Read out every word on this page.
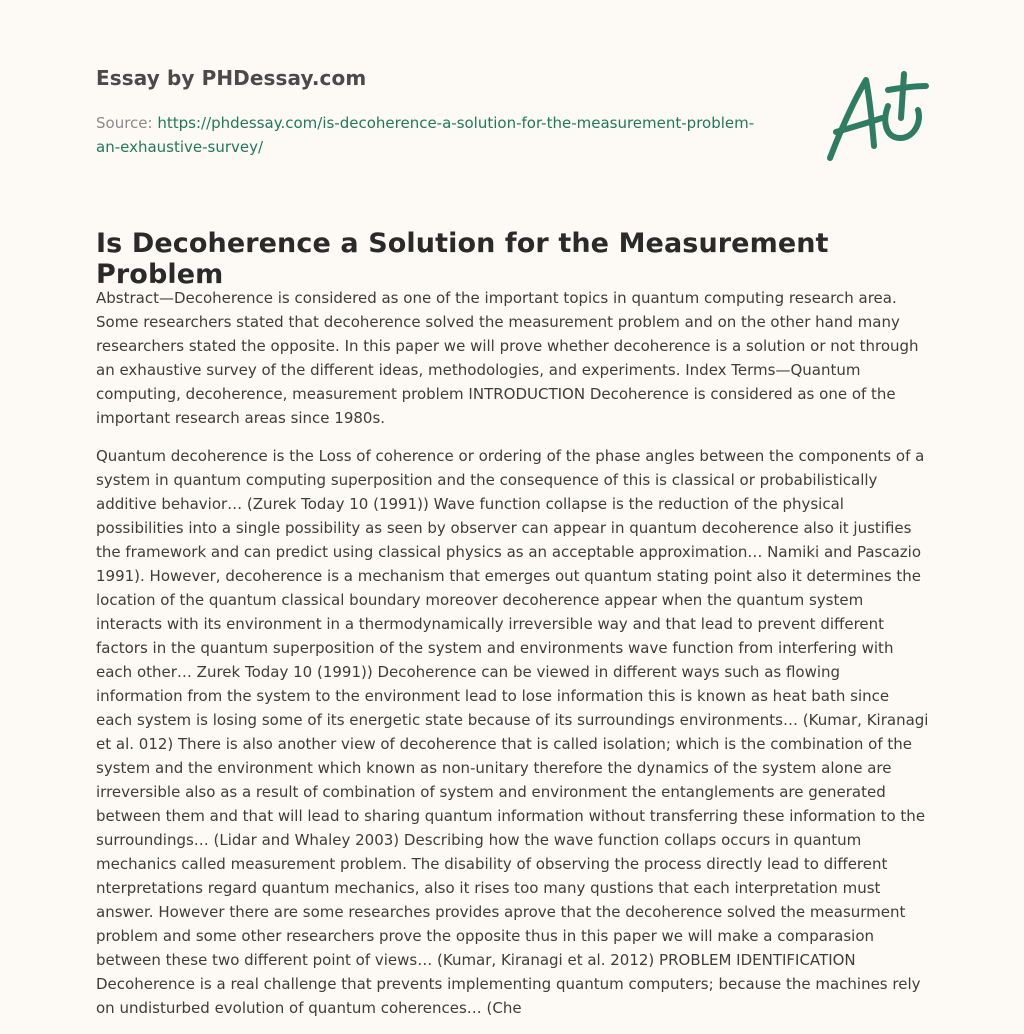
Essay by PHDessay.com
Source: https://phdessay.com/is-decoherence-a-solution-for-the-measurement-problem-an-exhaustive-survey/
Is Decoherence a Solution for the Measurement Problem

Abstract—Decoherence is considered as one of the important topics in quantum computing research area. Some researchers stated that decoherence solved the measurement problem and on the other hand many researchers stated the opposite. In this paper we will prove whether decoherence is a solution or not through an exhaustive survey of the different ideas, methodologies, and experiments. Index Terms—Quantum computing, decoherence, measurement problem INTRODUCTION Decoherence is considered as one of the important research areas since 1980s.

Quantum decoherence is the Loss of coherence or ordering of the phase angles between the components of a system in quantum computing superposition and the consequence of this is classical or probabilistically additive behavior… (Zurek Today 10 (1991)) Wave function collapse is the reduction of the physical possibilities into a single possibility as seen by observer can appear in quantum decoherence also it justifies the framework and can predict using classical physics as an acceptable approximation… Namiki and Pascazio 1991). However, decoherence is a mechanism that emerges out quantum stating point also it determines the location of the quantum classical boundary moreover decoherence appear when the quantum system interacts with its environment in a thermodynamically irreversible way and that lead to prevent different factors in the quantum superposition of the system and environments wave function from interfering with each other… Zurek Today 10 (1991)) Decoherence can be viewed in different ways such as flowing information from the system to the environment lead to lose information this is known as heat bath since each system is losing some of its energetic state because of its surroundings environments… (Kumar, Kiranagi et al. 012) There is also another view of decoherence that is called isolation; which is the combination of the system and the environment which known as non-unitary therefore the dynamics of the system alone are irreversible also as a result of combination of system and environment the entanglements are generated between them and that will lead to sharing quantum information without transferring these information to the surroundings… (Lidar and Whaley 2003) Describing how the wave function collaps occurs in quantum mechanics called measurement problem. The disability of observing the process directly lead to different nterpretations regard quantum mechanics, also it rises too many qustions that each interpretation must answer. However there are some researches provides aprove that the decoherence solved the measurment problem and some other researchers prove the opposite thus in this paper we will make a comparasion between these two different point of views… (Kumar, Kiranagi et al. 2012) PROBLEM IDENTIFICATION Decoherence is a real challenge that prevents implementing quantum computers; because the machines rely on undisturbed evolution of quantum coherences… (Che
